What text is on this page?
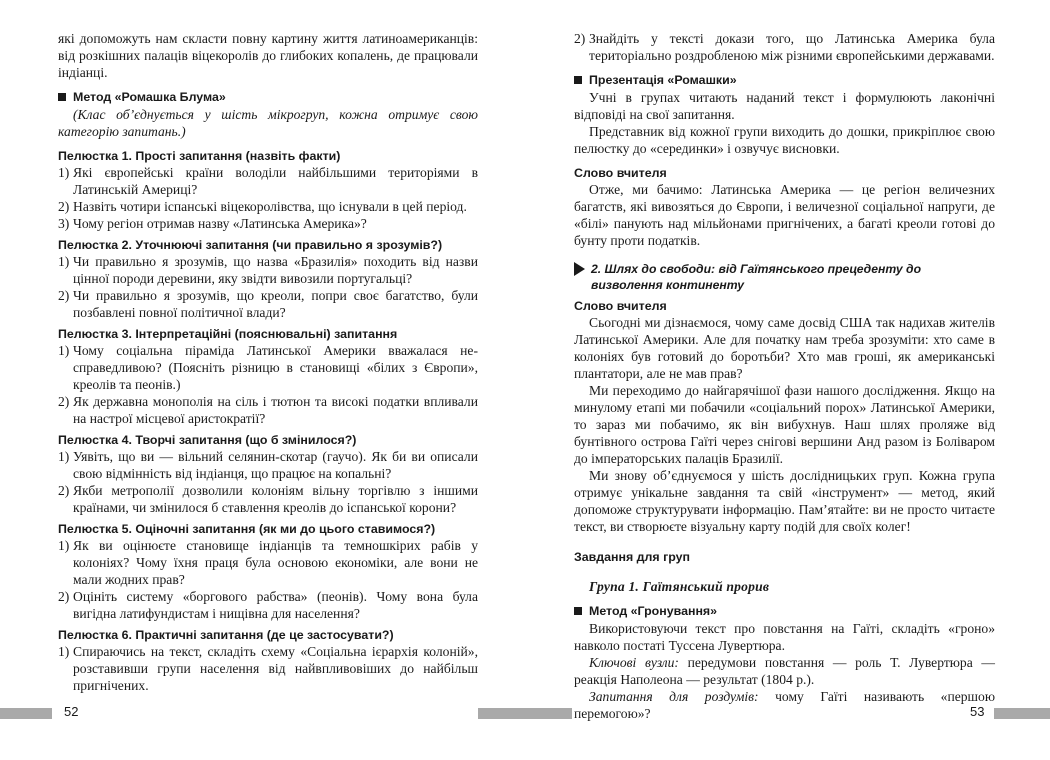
які допоможуть нам скласти повну картину життя латиноамериканців: від розкішних палаців віцекоролів до глибоких копалень, де працювали індіанці.

Метод «Ромашка Блума»

(Клас об’єднується у шість мікрогруп, кожна отримує свою категорію запитань.)

Пелюстка 1. Прості запитання (назвіть факти)
1) Які європейські країни володіли найбільшими територіями в Латинській Америці?
2) Назвіть чотири іспанські віцекоролівства, що існували в цей період.
3) Чому регіон отримав назву «Латинська Америка»?
Пелюстка 2. Уточнюючі запитання (чи правильно я зрозумів?)
1) Чи правильно я зрозумів, що назва «Бразилія» походить від назви цінної породи деревини, яку звідти вивозили португальці?
2) Чи правильно я зрозумів, що креоли, попри своє багатство, були позбавлені повної політичної влади?
Пелюстка 3. Інтерпретаційні (пояснювальні) запитання
1) Чому соціальна піраміда Латинської Америки вважалася несправедливою? (Поясніть різницю в становищі «білих з Європи», креолів та пеонів.)
2) Як державна монополія на сіль і тютюн та високі податки впливали на настрої місцевої аристократії?
Пелюстка 4. Творчі запитання (що б змінилося?)
1) Уявіть, що ви — вільний селянин-скотар (гаучо). Як би ви описали свою відмінність від індіанця, що працює на копальні?
2) Якби метрополії дозволили колоніям вільну торгівлю з іншими країнами, чи змінилося б ставлення креолів до іспанської корони?
Пелюстка 5. Оціночні запитання (як ми до цього ставимося?)
1) Як ви оцінюєте становище індіанців та темношкірих рабів у колоніях? Чому їхня праця була основою економіки, але вони не мали жодних прав?
2) Оцініть систему «боргового рабства» (пеонів). Чому вона була вигідна латифундистам і нищівна для населення?
Пелюстка 6. Практичні запитання (де це застосувати?)
1) Спираючись на текст, складіть схему «Соціальна ієрархія колоній», розставивши групи населення від найвпливовіших до найбільш пригнічених.
2) Знайдіть у тексті докази того, що Латинська Америка була територіально роздробленою між різними європейськими державами.
Презентація «Ромашки»

Учні в групах читають наданий текст і формулюють лаконічні відповіді на свої запитання.

Представник від кожної групи виходить до дошки, прикріплює свою пелюстку до «серединки» і озвучує висновки.

Слово вчителя

Отже, ми бачимо: Латинська Америка — це регіон величезних багатств, які вивозяться до Європи, і величезної соціальної напруги, де «білі» панують над мільйонами пригнічених, а багаті креоли готові до бунту проти податків.

2. Шлях до свободи: від Гаїтянського прецеденту до визволення континенту
Слово вчителя

Сьогодні ми дізнаємося, чому саме досвід США так надихав жителів Латинської Америки. Але для початку нам треба зрозуміти: хто саме в колоніях був готовий до боротьби? Хто мав гроші, як американські плантатори, але не мав прав?

Ми переходимо до найгарячішої фази нашого дослідження. Якщо на минулому етапі ми побачили «соціальний порох» Латинської Америки, то зараз ми побачимо, як він вибухнув. Наш шлях проляже від бунтівного острова Гаїті через снігові вершини Анд разом із Боліваром до імператорських палаців Бразилії.

Ми знову об’єднуємося у шість дослідницьких груп. Кожна група отримує унікальне завдання та свій «інструмент» — метод, який допоможе структурувати інформацію. Пам’ятайте: ви не просто читаєте текст, ви створюєте візуальну карту подій для своїх колег!

Завдання для груп

Група 1. Гаїтянський прорив

Метод «Гронування»

Використовуючи текст про повстання на Гаїті, складіть «гроно» навколо постаті Туссена Лувертюра.

Ключові вузли: передумови повстання — роль Т. Лувертюра — реакція Наполеона — результат (1804 р.).

Запитання для роздумів: чому Гаїті називають «першою перемогою»?

52	53
